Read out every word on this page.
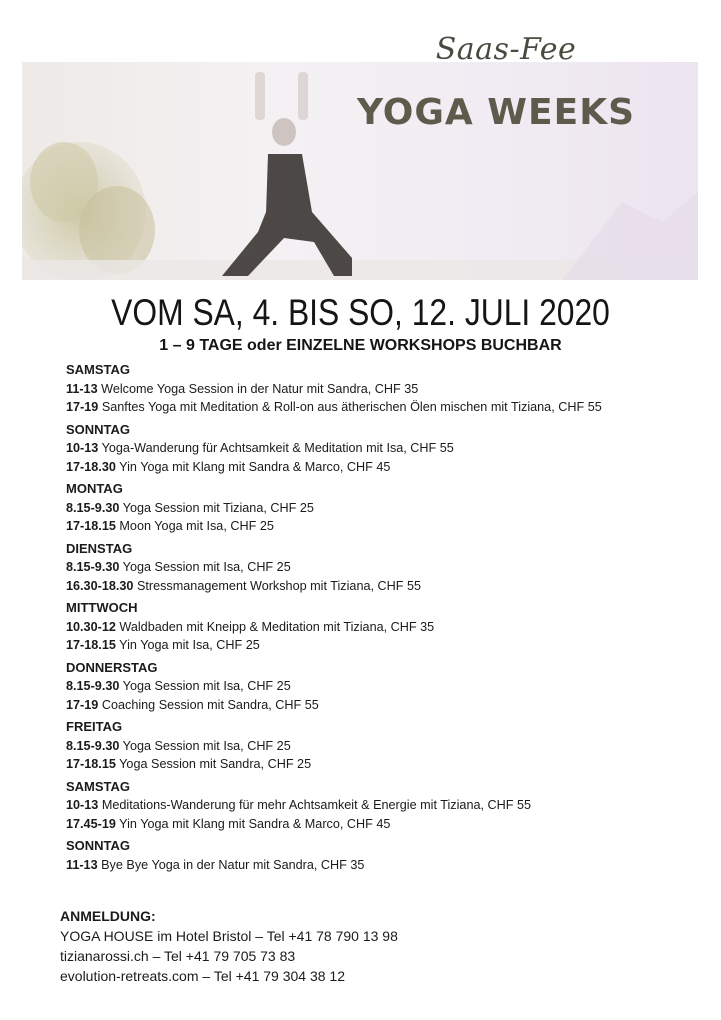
Saas-Fee
YOGA WEEKS
VOM SA, 4. BIS SO, 12. JULI 2020
1 – 9 TAGE oder EINZELNE WORKSHOPS BUCHBAR
SAMSTAG
11-13 Welcome Yoga Session in der Natur mit Sandra, CHF 35
17-19 Sanftes Yoga mit Meditation & Roll-on aus ätherischen Ölen mischen mit Tiziana, CHF 55
SONNTAG
10-13 Yoga-Wanderung für Achtsamkeit & Meditation mit Isa, CHF 55
17-18.30 Yin Yoga mit Klang mit Sandra & Marco, CHF 45
MONTAG
8.15-9.30 Yoga Session mit Tiziana, CHF 25
17-18.15 Moon Yoga mit Isa, CHF 25
DIENSTAG
8.15-9.30 Yoga Session mit Isa, CHF 25
16.30-18.30 Stressmanagement Workshop mit Tiziana, CHF 55
MITTWOCH
10.30-12 Waldbaden mit Kneipp & Meditation mit Tiziana, CHF 35
17-18.15 Yin Yoga mit Isa, CHF 25
DONNERSTAG
8.15-9.30 Yoga Session mit Isa, CHF 25
17-19 Coaching Session mit Sandra, CHF 55
FREITAG
8.15-9.30 Yoga Session mit Isa, CHF 25
17-18.15 Yoga Session mit Sandra, CHF 25
SAMSTAG
10-13 Meditations-Wanderung für mehr Achtsamkeit & Energie mit Tiziana, CHF 55
17.45-19 Yin Yoga mit Klang mit Sandra & Marco, CHF 45
SONNTAG
11-13 Bye Bye Yoga in der Natur mit Sandra, CHF 35
ANMELDUNG:
YOGA HOUSE im Hotel Bristol – Tel +41 78 790 13 98
tizianarossi.ch – Tel +41 79 705 73 83
evolution-retreats.com – Tel +41 79 304 38 12
